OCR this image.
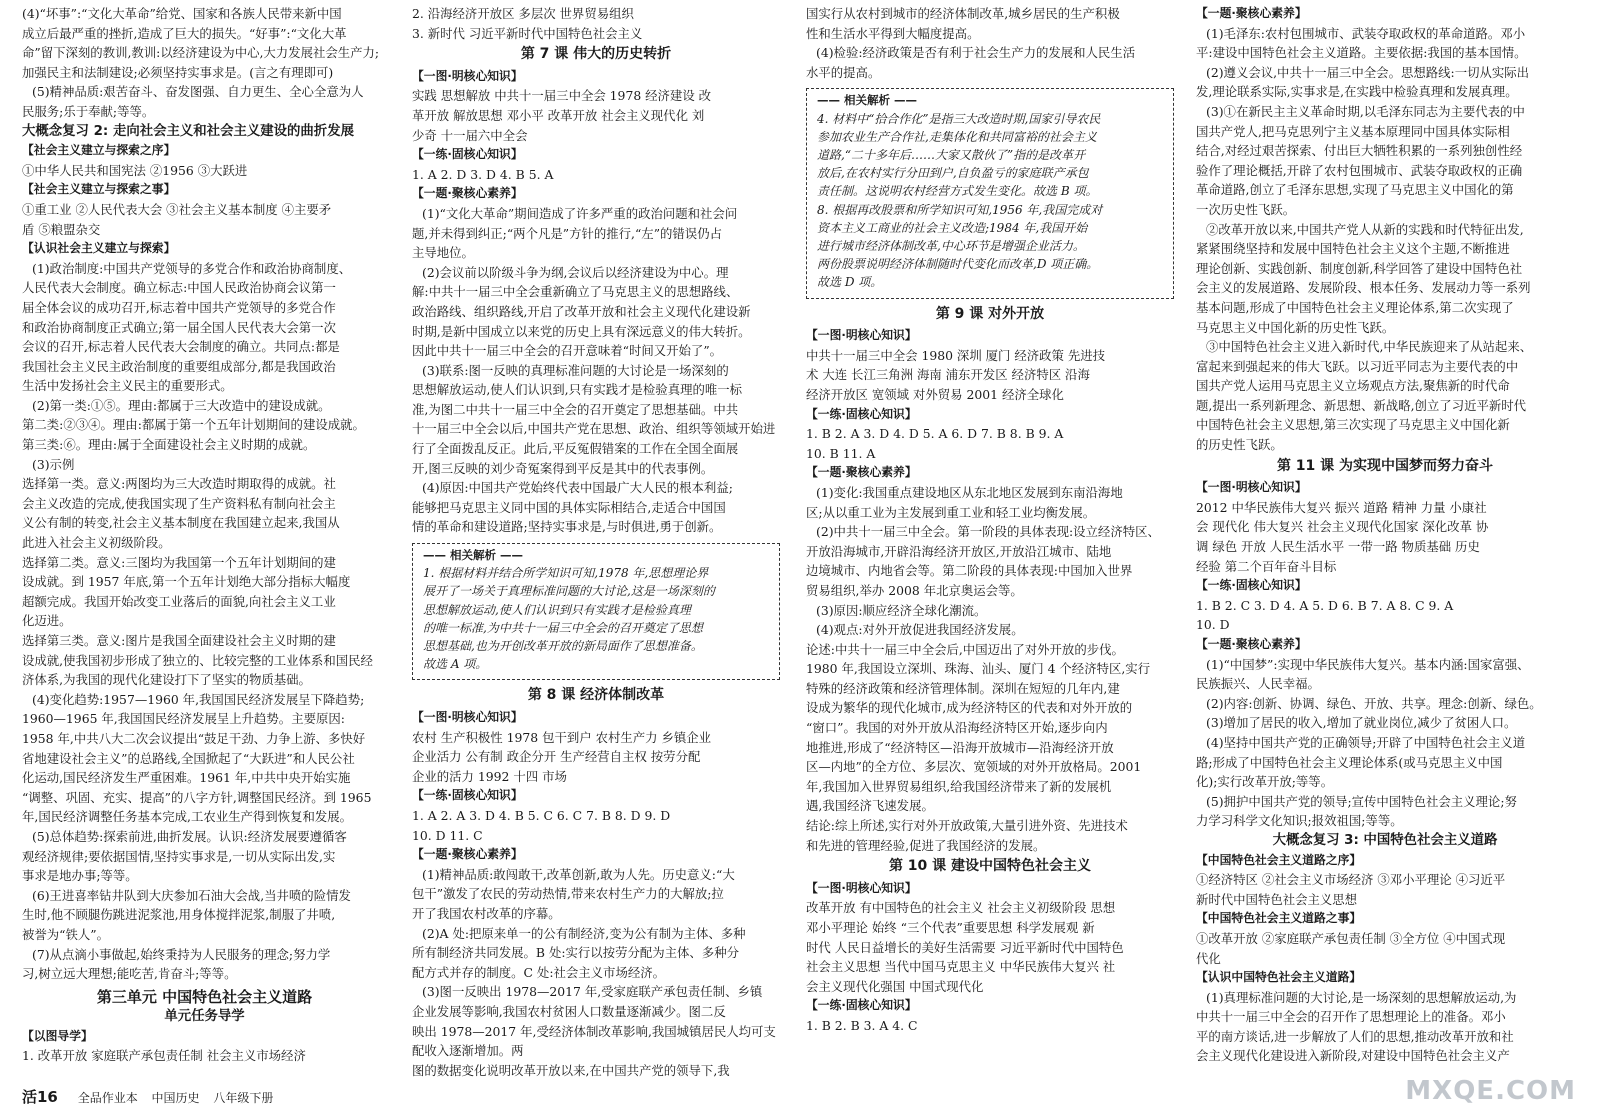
(4)“坏事”:“文化大革命”给党、国家和各族人民带来新中国

成立后最严重的挫折,造成了巨大的损失。“好事”:“文化大革

命”留下深刻的教训,教训:以经济建设为中心,大力发展社会生产力;

加强民主和法制建设;必须坚持实事求是。(言之有理即可)

(5)精神品质:艰苦奋斗、奋发图强、自力更生、全心全意为人

民服务;乐于奉献;等等。

大概念复习 2: 走向社会主义和社会主义建设的曲折发展

【社会主义建立与探索之序】

①中华人民共和国宪法 ②1956 ③大跃进

【社会主义建立与探索之事】

①重工业 ②人民代表大会 ③社会主义基本制度 ④主要矛

盾 ⑤粮盟杂交

【认识社会主义建立与探索】

(1)政治制度:中国共产党领导的多党合作和政治协商制度、

人民代表大会制度。确立标志:中国人民政治协商会议第一

届全体会议的成功召开,标志着中国共产党领导的多党合作

和政治协商制度正式确立;第一届全国人民代表大会第一次

会议的召开,标志着人民代表大会制度的确立。共同点:都是

我国社会主义民主政治制度的重要组成部分,都是我国政治

生活中发扬社会主义民主的重要形式。

(2)第一类:①⑤。理由:都属于三大改造中的建设成就。

第二类:②③④。理由:都属于第一个五年计划期间的建设成就。

第三类:⑥。理由:属于全面建设社会主义时期的成就。

(3)示例

选择第一类。意义:两图均为三大改造时期取得的成就。社

会主义改造的完成,使我国实现了生产资料私有制向社会主

义公有制的转变,社会主义基本制度在我国建立起来,我国从

此进入社会主义初级阶段。

选择第二类。意义:三图均为我国第一个五年计划期间的建

设成就。到 1957 年底,第一个五年计划绝大部分指标大幅度

超额完成。我国开始改变工业落后的面貌,向社会主义工业

化迈进。

选择第三类。意义:图片是我国全面建设社会主义时期的建

设成就,使我国初步形成了独立的、比较完整的工业体系和国民经

济体系,为我国的现代化建设打下了坚实的物质基础。

(4)变化趋势:1957—1960 年,我国国民经济发展呈下降趋势;

1960—1965 年,我国国民经济发展呈上升趋势。主要原因:

1958 年,中共八大二次会议提出“鼓足干劲、力争上游、多快好

省地建设社会主义”的总路线,全国掀起了“大跃进”和人民公社

化运动,国民经济发生严重困难。1961 年,中共中央开始实施

“调整、巩固、充实、提高”的八字方针,调整国民经济。到 1965

年,国民经济调整任务基本完成,工农业生产得到恢复和发展。

(5)总体趋势:探索前进,曲折发展。认识:经济发展要遵循客

观经济规律;要依据国情,坚持实事求是,一切从实际出发,实

事求是地办事;等等。

(6)王进喜率钻井队到大庆参加石油大会战,当井喷的险情发

生时,他不顾腿伤跳进泥浆池,用身体搅拌泥浆,制服了井喷,

被誉为“铁人”。

(7)从点滴小事做起,始终秉持为人民服务的理念;努力学

习,树立远大理想;能吃苦,肯奋斗;等等。

第三单元 中国特色社会主义道路

单元任务导学

【以图导学】

1. 改革开放 家庭联产承包责任制 社会主义市场经济

2. 沿海经济开放区 多层次 世界贸易组织

3. 新时代 习近平新时代中国特色社会主义

第 7 课 伟大的历史转折

【一图·明核心知识】

实践 思想解放 中共十一届三中全会 1978 经济建设 改

革开放 解放思想 邓小平 改革开放 社会主义现代化 刘

少奇 十一届六中全会

【一练·固核心知识】

1. A 2. D 3. D 4. B 5. A

【一题·聚核心素养】

(1)“文化大革命”期间造成了许多严重的政治问题和社会问

题,并未得到纠正;“两个凡是”方针的推行,“左”的错误仍占

主导地位。

(2)会议前以阶级斗争为纲,会议后以经济建设为中心。理

解:中共十一届三中全会重新确立了马克思主义的思想路线、

政治路线、组织路线,开启了改革开放和社会主义现代化建设新

时期,是新中国成立以来党的历史上具有深远意义的伟大转折。

因此中共十一届三中全会的召开意味着“时间又开始了”。

(3)联系:图一反映的真理标准问题的大讨论是一场深刻的

思想解放运动,使人们认识到,只有实践才是检验真理的唯一标

准,为图二中共十一届三中全会的召开奠定了思想基础。中共

十一届三中全会以后,中国共产党在思想、政治、组织等领域开始进

行了全面拨乱反正。此后,平反冤假错案的工作在全国全面展

开,图三反映的刘少奇冤案得到平反是其中的代表事例。

(4)原因:中国共产党始终代表中国最广大人民的根本利益;

能够把马克思主义同中国的具体实际相结合,走适合中国国

情的革命和建设道路;坚持实事求是,与时俱进,勇于创新。

—— 相关解析 ——

1. 根据材料并结合所学知识可知,1978 年,思想理论界

展开了一场关于真理标准问题的大讨论,这是一场深刻的

思想解放运动,使人们认识到只有实践才是检验真理

的唯一标准,为中共十一届三中全会的召开奠定了思想

思想基础,也为开创改革开放的新局面作了思想准备。

故选 A 项。

第 8 课 经济体制改革

【一图·明核心知识】

农村 生产积极性 1978 包干到户 农村生产力 乡镇企业

企业活力 公有制 政企分开 生产经营自主权 按劳分配

企业的活力 1992 十四 市场

【一练·固核心知识】

1. A 2. A 3. D 4. B 5. C 6. C 7. B 8. D 9. D

10. D 11. C

【一题·聚核心素养】

(1)精神品质:敢闯敢干,改革创新,敢为人先。历史意义:“大

包干”激发了农民的劳动热情,带来农村生产力的大解放;拉

开了我国农村改革的序幕。

(2)A 处:把原来单一的公有制经济,变为公有制为主体、多种

所有制经济共同发展。B 处:实行以按劳分配为主体、多种分

配方式并存的制度。C 处:社会主义市场经济。

(3)图一反映出 1978—2017 年,受家庭联产承包责任制、乡镇

企业发展等影响,我国农村贫困人口数量逐渐减少。图二反

映出 1978—2017 年,受经济体制改革影响,我国城镇居民人均可支配收入逐渐增加。两

图的数据变化说明改革开放以来,在中国共产党的领导下,我

国实行从农村到城市的经济体制改革,城乡居民的生产积极

性和生活水平得到大幅度提高。

(4)检验:经济政策是否有利于社会生产力的发展和人民生活

水平的提高。

—— 相关解析 ——

4. 材料中“拾合作化”是指三大改造时期,国家引导农民

参加农业生产合作社,走集体化和共同富裕的社会主义

道路,“二十多年后……大家又散伙了”指的是改革开

放后,在农村实行分田到户,自负盈亏的家庭联产承包

责任制。这说明农村经营方式发生变化。故选 B 项。

8. 根据再改股票和所学知识可知,1956 年,我国完成对

资本主义工商业的社会主义改造;1984 年,我国开始

进行城市经济体制改革,中心环节是增强企业活力。

两份股票说明经济体制随时代变化而改革,D 项正确。

故选 D 项。

第 9 课 对外开放

【一图·明核心知识】

中共十一届三中全会 1980 深圳 厦门 经济政策 先进技

术 大连 长江三角洲 海南 浦东开发区 经济特区 沿海

经济开放区 宽领域 对外贸易 2001 经济全球化

【一练·固核心知识】

1. B 2. A 3. D 4. D 5. A 6. D 7. B 8. B 9. A

10. B 11. A

【一题·聚核心素养】

(1)变化:我国重点建设地区从东北地区发展到东南沿海地

区;从以重工业为主发展到重工业和轻工业均衡发展。

(2)中共十一届三中全会。第一阶段的具体表现:设立经济特区、

开放沿海城市,开辟沿海经济开放区,开放沿江城市、陆地

边境城市、内地省会等。第二阶段的具体表现:中国加入世界

贸易组织,举办 2008 年北京奥运会等。

(3)原因:顺应经济全球化潮流。

(4)观点:对外开放促进我国经济发展。

论述:中共十一届三中全会后,中国迈出了对外开放的步伐。

1980 年,我国设立深圳、珠海、汕头、厦门 4 个经济特区,实行

特殊的经济政策和经济管理体制。深圳在短短的几年内,建

设成为繁华的现代化城市,成为经济特区的代表和对外开放的

“窗口”。我国的对外开放从沿海经济特区开始,逐步向内

地推进,形成了“经济特区—沿海开放城市—沿海经济开放

区—内地”的全方位、多层次、宽领域的对外开放格局。2001

年,我国加入世界贸易组织,给我国经济带来了新的发展机

遇,我国经济飞速发展。

结论:综上所述,实行对外开放政策,大量引进外资、先进技术

和先进的管理经验,促进了我国经济的发展。

第 10 课 建设中国特色社会主义

【一图·明核心知识】

改革开放 有中国特色的社会主义 社会主义初级阶段 思想

邓小平理论 始终 “三个代表”重要思想 科学发展观 新

时代 人民日益增长的美好生活需要 习近平新时代中国特色

社会主义思想 当代中国马克思主义 中华民族伟大复兴 社

会主义现代化强国 中国式现代化

【一练·固核心知识】

1. B 2. B 3. A 4. C

【一题·聚核心素养】

(1)毛泽东:农村包围城市、武装夺取政权的革命道路。邓小

平:建设中国特色社会主义道路。主要依据:我国的基本国情。

(2)遵义会议,中共十一届三中全会。思想路线:一切从实际出

发,理论联系实际,实事求是,在实践中检验真理和发展真理。

(3)①在新民主主义革命时期,以毛泽东同志为主要代表的中

国共产党人,把马克思列宁主义基本原理同中国具体实际相

结合,对经过艰苦探索、付出巨大牺牲积累的一系列独创性经

验作了理论概括,开辟了农村包围城市、武装夺取政权的正确

革命道路,创立了毛泽东思想,实现了马克思主义中国化的第

一次历史性飞跃。

②改革开放以来,中国共产党人从新的实践和时代特征出发,

紧紧围绕坚持和发展中国特色社会主义这个主题,不断推进

理论创新、实践创新、制度创新,科学回答了建设中国特色社

会主义的发展道路、发展阶段、根本任务、发展动力等一系列

基本问题,形成了中国特色社会主义理论体系,第二次实现了

马克思主义中国化新的历史性飞跃。

③中国特色社会主义进入新时代,中华民族迎来了从站起来、

富起来到强起来的伟大飞跃。以习近平同志为主要代表的中

国共产党人运用马克思主义立场观点方法,聚焦新的时代命

题,提出一系列新理念、新思想、新战略,创立了习近平新时代

中国特色社会主义思想,第三次实现了马克思主义中国化新

的历史性飞跃。

第 11 课 为实现中国梦而努力奋斗

【一图·明核心知识】

2012 中华民族伟大复兴 振兴 道路 精神 力量 小康社

会 现代化 伟大复兴 社会主义现代化国家 深化改革 协

调 绿色 开放 人民生活水平 一带一路 物质基础 历史

经验 第二个百年奋斗目标

【一练·固核心知识】

1. B 2. C 3. D 4. A 5. D 6. B 7. A 8. C 9. A

10. D

【一题·聚核心素养】

(1)“中国梦”:实现中华民族伟大复兴。基本内涵:国家富强、

民族振兴、人民幸福。

(2)内容:创新、协调、绿色、开放、共享。理念:创新、绿色。

(3)增加了居民的收入,增加了就业岗位,减少了贫困人口。

(4)坚持中国共产党的正确领导;开辟了中国特色社会主义道

路;形成了中国特色社会主义理论体系(或马克思主义中国

化);实行改革开放;等等。

(5)拥护中国共产党的领导;宣传中国特色社会主义理论;努

力学习科学文化知识;报效祖国;等等。

大概念复习 3: 中国特色社会主义道路

【中国特色社会主义道路之序】

①经济特区 ②社会主义市场经济 ③邓小平理论 ④习近平

新时代中国特色社会主义思想

【中国特色社会主义道路之事】

①改革开放 ②家庭联产承包责任制 ③全方位 ④中国式现

代化

【认识中国特色社会主义道路】

(1)真理标准问题的大讨论,是一场深刻的思想解放运动,为

中共十一届三中全会的召开作了思想理论上的准备。邓小

平的南方谈话,进一步解放了人们的思想,推动改革开放和社

会主义现代化建设进入新阶段,对建设中国特色社会主义产

活16 全品作业本 中国历史 八年级下册	MXQE.COM
